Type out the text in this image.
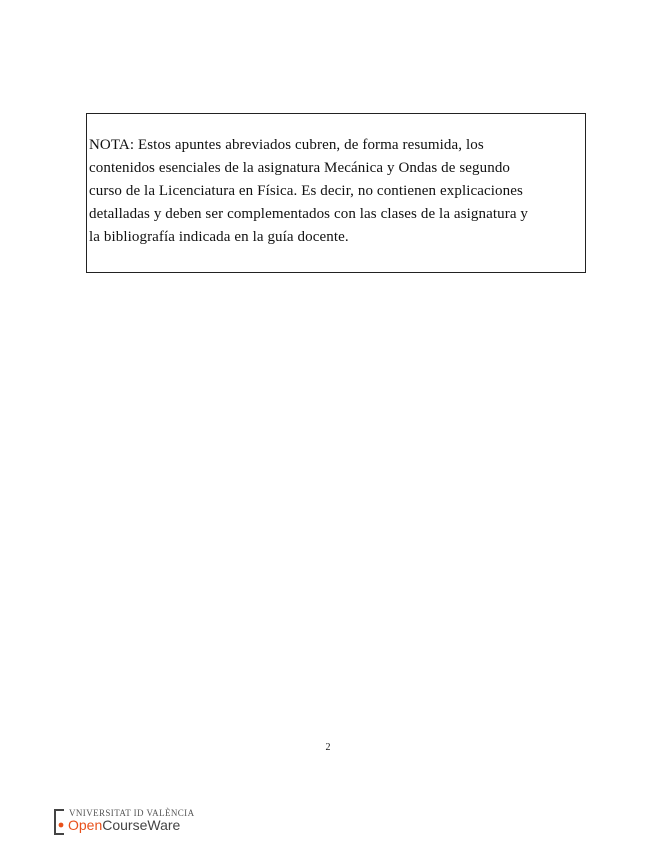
NOTA: Estos apuntes abreviados cubren, de forma resumida, los
contenidos esenciales de la asignatura Mecánica y Ondas de segundo
curso de la Licenciatura en Física. Es decir, no contienen explicaciones
detalladas y deben ser complementados con las clases de la asignatura y
la bibliografía indicada en la guía docente.

2
VNIVERSITAT ID VALÈNCIA
OpenCourseWare
